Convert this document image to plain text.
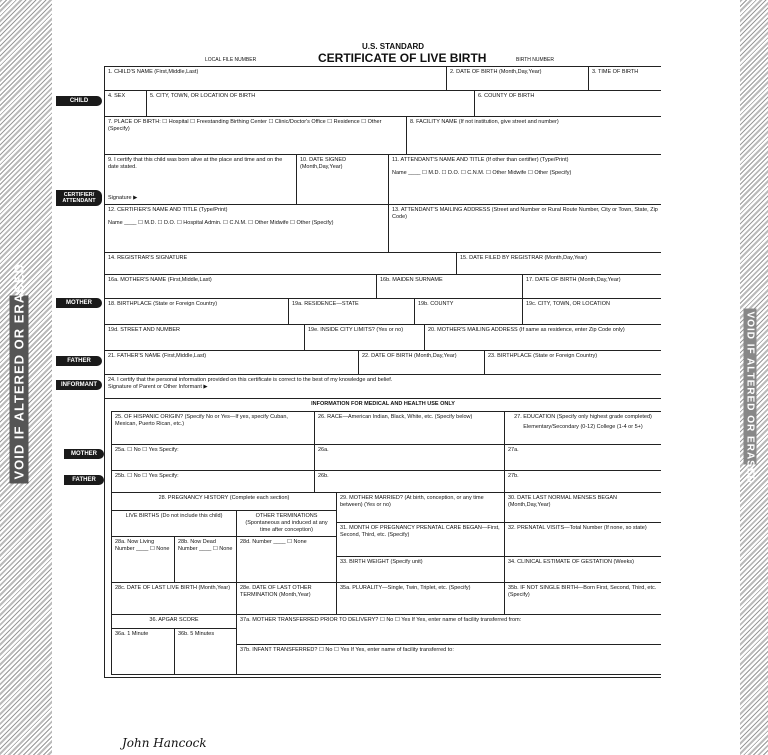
VOID IF ALTERED OR ERASED	VOID IF ALTERED OR ERASED
U.S. STANDARD
CERTIFICATE OF LIVE BIRTH
LOCAL FILE NUMBER	BIRTH NUMBER
CHILD
CERTIFIER/ ATTENDANT
MOTHER
FATHER
INFORMANT
MOTHER
FATHER
1. CHILD'S NAME (First,Middle,Last)	2. DATE OF BIRTH (Month,Day,Year)	3. TIME OF BIRTH
4. SEX	5. CITY, TOWN, OR LOCATION OF BIRTH	6. COUNTY OF BIRTH
7. PLACE OF BIRTH: ☐ Hospital ☐ Freestanding Birthing Center ☐ Clinic/Doctor's Office ☐ Residence ☐ Other (Specify)
8. FACILITY NAME (If not institution, give street and number)
9. I certify that this child was born alive at the place and time and on the date stated.
Signature ▶
10. DATE SIGNED (Month,Day,Year)
11. ATTENDANT'S NAME AND TITLE (If other than certifier) (Type/Print)
Name ____ ☐ M.D. ☐ D.O. ☐ C.N.M. ☐ Other Midwife ☐ Other (Specify)
12. CERTIFIER'S NAME AND TITLE (Type/Print)
Name ____ ☐ M.D. ☐ D.O. ☐ Hospital Admin. ☐ C.N.M. ☐ Other Midwife ☐ Other (Specify)
13. ATTENDANT'S MAILING ADDRESS (Street and Number or Rural Route Number, City or Town, State, Zip Code)
14. REGISTRAR'S SIGNATURE	15. DATE FILED BY REGISTRAR (Month,Day,Year)
16a. MOTHER'S NAME (First,Middle,Last)	16b. MAIDEN SURNAME	17. DATE OF BIRTH (Month,Day,Year)
18. BIRTHPLACE (State or Foreign Country)	19a. RESIDENCE—STATE	19b. COUNTY	19c. CITY, TOWN, OR LOCATION
19d. STREET AND NUMBER	19e. INSIDE CITY LIMITS? (Yes or no)	20. MOTHER'S MAILING ADDRESS (If same as residence, enter Zip Code only)
21. FATHER'S NAME (First,Middle,Last)	22. DATE OF BIRTH (Month,Day,Year)	23. BIRTHPLACE (State or Foreign Country)
24. I certify that the personal information provided on this certificate is correct to the best of my knowledge and belief.
Signature of Parent or Other Informant ▶
INFORMATION FOR MEDICAL AND HEALTH USE ONLY
25. OF HISPANIC ORIGIN? (Specify No or Yes—If yes, specify Cuban, Mexican, Puerto Rican, etc.)
26. RACE—American Indian, Black, White, etc. (Specify below)	27. EDUCATION (Specify only highest grade completed)
Elementary/Secondary (0-12) College (1-4 or 5+)
25a. ☐ No ☐ Yes Specify:	26a.	27a.
25b. ☐ No ☐ Yes Specify:	26b.	27b.
28. PREGNANCY HISTORY (Complete each section)
LIVE BIRTHS (Do not include this child)	OTHER TERMINATIONS (Spontaneous and induced at any time after conception)
28a. Now Living Number ____ ☐ None
28b. Now Dead Number ____ ☐ None
28d. Number ____ ☐ None
28c. DATE OF LAST LIVE BIRTH (Month,Year)	28e. DATE OF LAST OTHER TERMINATION (Month,Year)
29. MOTHER MARRIED? (At birth, conception, or any time between) (Yes or no)
30. DATE LAST NORMAL MENSES BEGAN (Month,Day,Year)
31. MONTH OF PREGNANCY PRENATAL CARE BEGAN—First, Second, Third, etc. (Specify)
32. PRENATAL VISITS—Total Number (If none, so state)
33. BIRTH WEIGHT (Specify unit)	34. CLINICAL ESTIMATE OF GESTATION (Weeks)
35a. PLURALITY—Single, Twin, Triplet, etc. (Specify)	35b. IF NOT SINGLE BIRTH—Born First, Second, Third, etc. (Specify)
36. APGAR SCORE
36a. 1 Minute	36b. 5 Minutes
37a. MOTHER TRANSFERRED PRIOR TO DELIVERY? ☐ No ☐ Yes If Yes, enter name of facility transferred from:
37b. INFANT TRANSFERRED? ☐ No ☐ Yes If Yes, enter name of facility transferred to:
John Hancock
